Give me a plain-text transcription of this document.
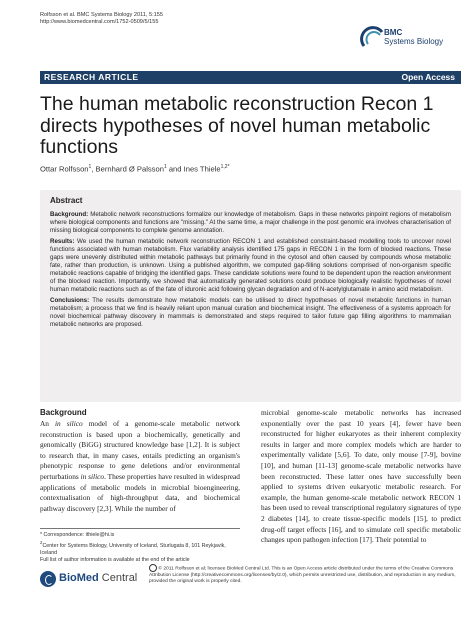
Rolfsson et al. BMC Systems Biology 2011, 5:155
http://www.biomedcentral.com/1752-0509/5/155
BMC
Systems Biology
RESEARCH ARTICLE	Open Access
The human metabolic reconstruction Recon 1 directs hypotheses of novel human metabolic functions
Ottar Rolfsson$^1$, Bernhard Ø Palsson$^1$ and Ines Thiele$^{1,2*}$
Abstract

Background: Metabolic network reconstructions formalize our knowledge of metabolism. Gaps in these networks pinpoint regions of metabolism where biological components and functions are "missing." At the same time, a major challenge in the post genomic era involves characterisation of missing biological components to complete genome annotation.

Results: We used the human metabolic network reconstruction RECON 1 and established constraint-based modelling tools to uncover novel functions associated with human metabolism. Flux variability analysis identified 175 gaps in RECON 1 in the form of blocked reactions. These gaps were unevenly distributed within metabolic pathways but primarily found in the cytosol and often caused by compounds whose metabolic fate, rather than production, is unknown. Using a published algorithm, we computed gap-filling solutions comprised of non-organism specific metabolic reactions capable of bridging the identified gaps. These candidate solutions were found to be dependent upon the reaction environment of the blocked reaction. Importantly, we showed that automatically generated solutions could produce biologically realistic hypotheses of novel human metabolic reactions such as of the fate of iduronic acid following glycan degradation and of N-acetylglutamate in amino acid metabolism.

Conclusions: The results demonstrate how metabolic models can be utilised to direct hypotheses of novel metabolic functions in human metabolism; a process that we find is heavily reliant upon manual curation and biochemical insight. The effectiveness of a systems approach for novel biochemical pathway discovery in mammals is demonstrated and steps required to tailor future gap filling algorithms to mammalian metabolic networks are proposed.

Background

An in silico model of a genome-scale metabolic network reconstruction is based upon a biochemically, genetically and genomically (BiGG) structured knowledge base [1,2]. It is subject to research that, in many cases, entails predicting an organism's phenotypic response to gene deletions and/or environmental perturbations in silico. These properties have resulted in widespread applications of metabolic models in microbial bioengineering, contextualisation of high-throughput data, and biochemical pathway discovery [2,3]. While the number of

microbial genome-scale metabolic networks has increased exponentially over the past 10 years [4], fewer have been reconstructed for higher eukaryotes as their inherent complexity results in larger and more complex models which are harder to experimentally validate [5,6]. To date, only mouse [7-9], bovine [10], and human [11-13] genome-scale metabolic networks have been reconstructed. These latter ones have successfully been applied to systems driven eukaryotic metabolic research. For example, the human genome-scale metabolic network RECON 1 has been used to reveal transcriptional regulatory signatures of type 2 diabetes [14], to create tissue-specific models [15], to predict drug-off target effects [16], and to simulate cell specific metabolic changes upon pathogen infection [17]. Their potential to

* Correspondence: ithiele@hi.is
$^2$Center for Systems Biology, University of Iceland, Sturlugata 8, 101 Reykjavik, Iceland
Full list of author information is available at the end of the article
BioMed Central
© 2011 Rolfsson et al; licensee BioMed Central Ltd. This is an Open Access article distributed under the terms of the Creative Commons Attribution License (http://creativecommons.org/licenses/by/2.0), which permits unrestricted use, distribution, and reproduction in any medium, provided the original work is properly cited.
